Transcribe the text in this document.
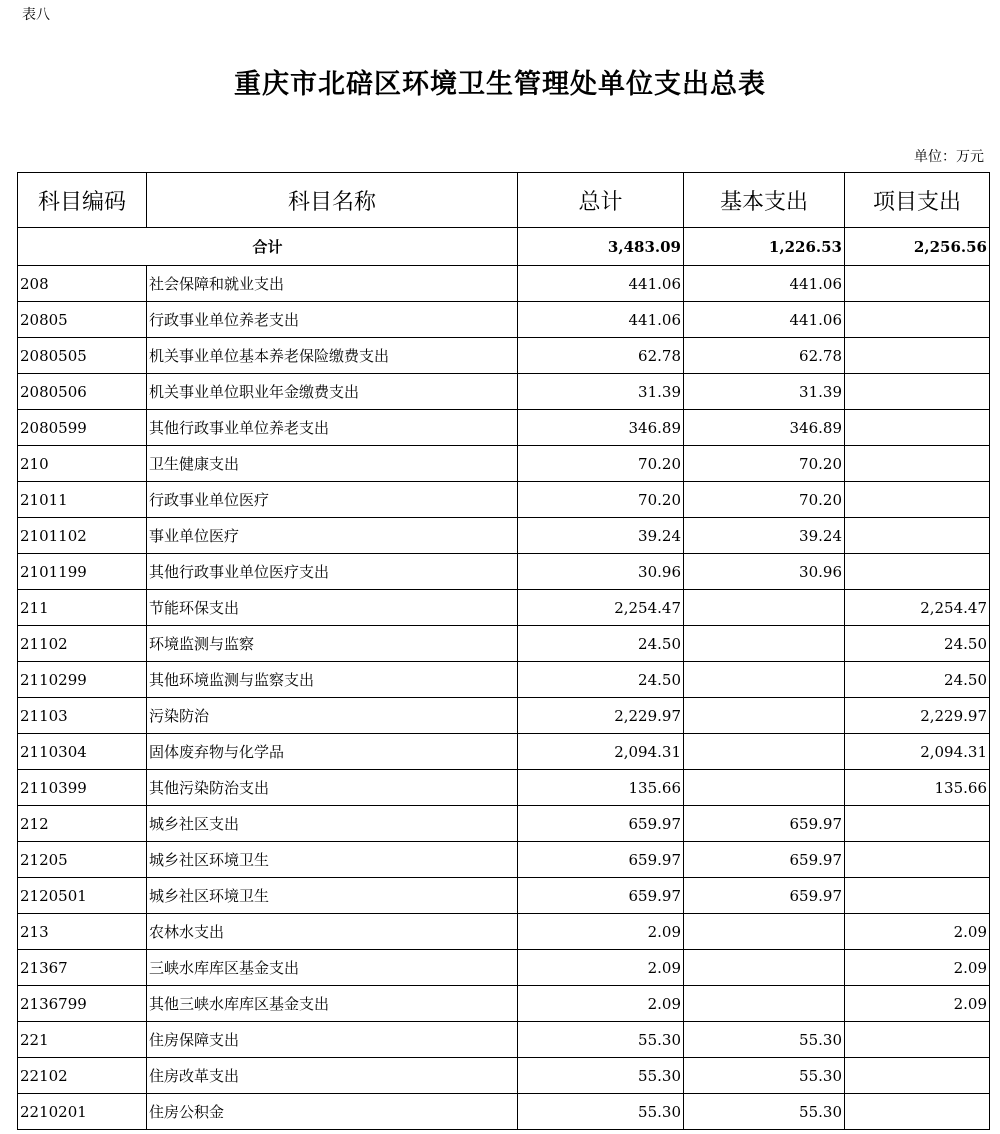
表八
重庆市北碚区环境卫生管理处单位支出总表
单位：万元
科目编码	科目名称	总计	基本支出	项目支出
合计		3,483.09	1,226.53	2,256.56
208	社会保障和就业支出	441.06	441.06	
20805	行政事业单位养老支出	441.06	441.06	
2080505	机关事业单位基本养老保险缴费支出	62.78	62.78	
2080506	机关事业单位职业年金缴费支出	31.39	31.39	
2080599	其他行政事业单位养老支出	346.89	346.89	
210	卫生健康支出	70.20	70.20	
21011	行政事业单位医疗	70.20	70.20	
2101102	事业单位医疗	39.24	39.24	
2101199	其他行政事业单位医疗支出	30.96	30.96	
211	节能环保支出	2,254.47		2,254.47
21102	环境监测与监察	24.50		24.50
2110299	其他环境监测与监察支出	24.50		24.50
21103	污染防治	2,229.97		2,229.97
2110304	固体废弃物与化学品	2,094.31		2,094.31
2110399	其他污染防治支出	135.66		135.66
212	城乡社区支出	659.97	659.97	
21205	城乡社区环境卫生	659.97	659.97	
2120501	城乡社区环境卫生	659.97	659.97	
213	农林水支出	2.09		2.09
21367	三峡水库库区基金支出	2.09		2.09
2136799	其他三峡水库库区基金支出	2.09		2.09
221	住房保障支出	55.30	55.30	
22102	住房改革支出	55.30	55.30	
2210201	住房公积金	55.30	55.30	
